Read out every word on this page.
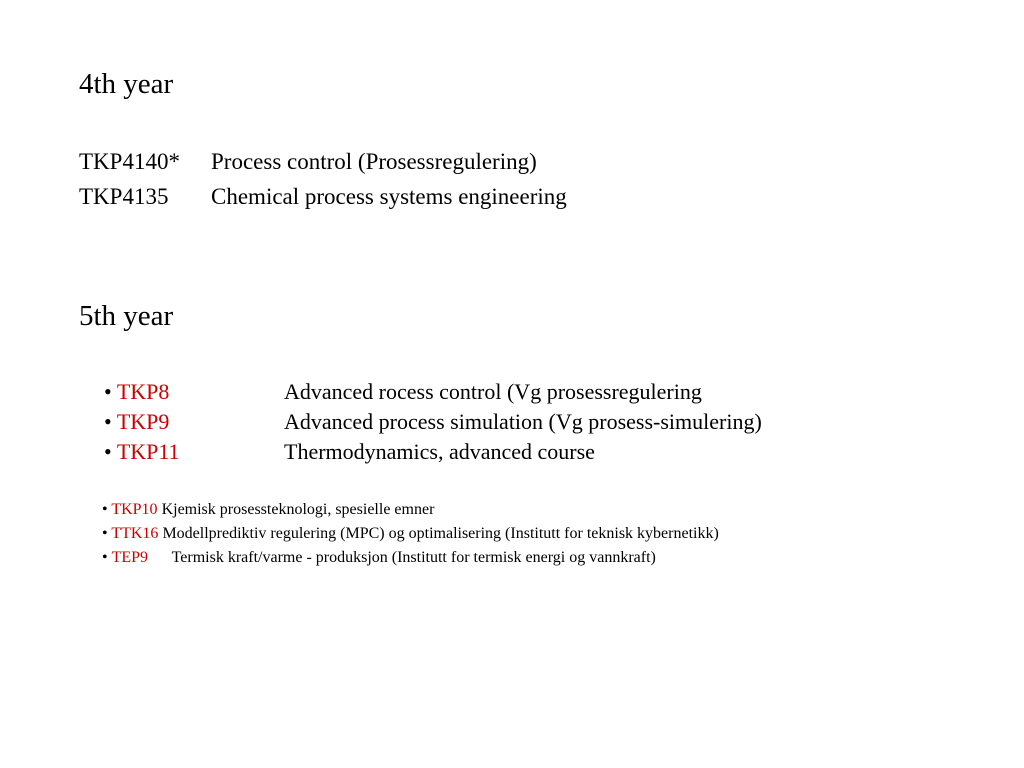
4th year
TKP4140* Process control (Prosessregulering)
TKP4135 Chemical process systems engineering
5th year
• TKP8	Advanced rocess control (Vg prosessregulering
• TKP9	Advanced process simulation (Vg prosess-simulering)
• TKP11	Thermodynamics, advanced course
• TKP10 Kjemisk prosessteknologi, spesielle emner
• TTK16 Modellprediktiv regulering (MPC) og optimalisering (Institutt for teknisk kybernetikk)
• TEP9 Termisk kraft/varme - produksjon (Institutt for termisk energi og vannkraft)
